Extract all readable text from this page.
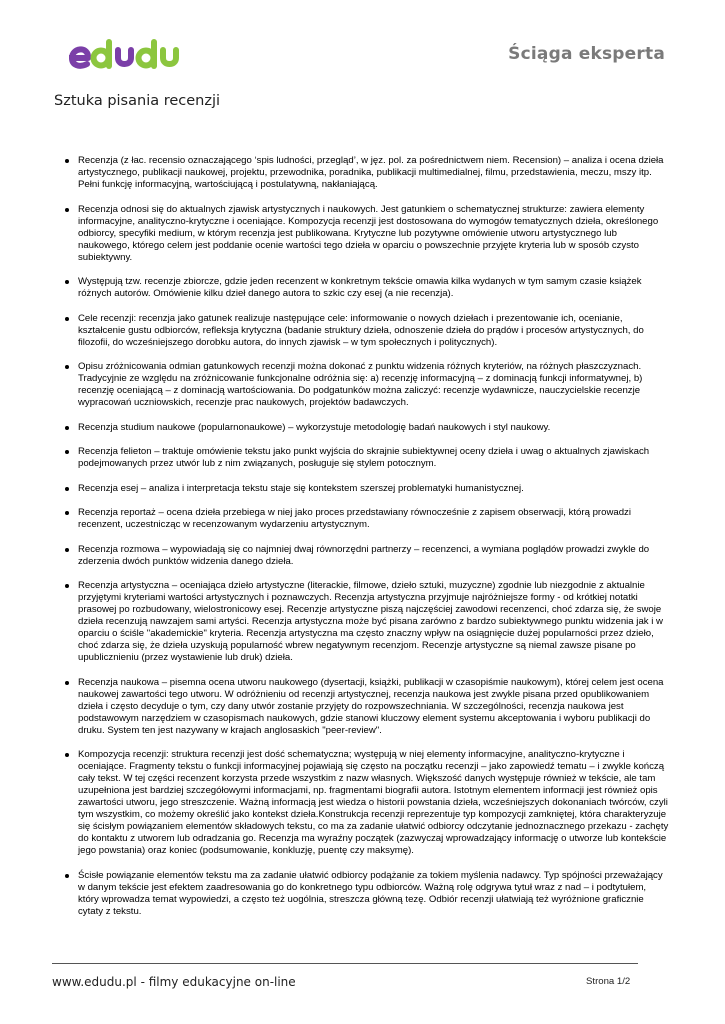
Ściąga eksperta
Sztuka pisania recenzji
Recenzja (z łac. recensio oznaczającego ‘spis ludności, przegląd’, w jęz. pol. za pośrednictwem niem. Recension) – analiza i ocena dzieła artystycznego, publikacji naukowej, projektu, przewodnika, poradnika, publikacji multimedialnej, filmu, przedstawienia, meczu, mszy itp. Pełni funkcję informacyjną, wartościującą i postulatywną, nakłaniającą.
Recenzja odnosi się do aktualnych zjawisk artystycznych i naukowych. Jest gatunkiem o schematycznej strukturze: zawiera elementy informacyjne, analityczno-krytyczne i oceniające. Kompozycja recenzji jest dostosowana do wymogów tematycznych dzieła, określonego odbiorcy, specyfiki medium, w którym recenzja jest publikowana. Krytyczne lub pozytywne omówienie utworu artystycznego lub naukowego, którego celem jest poddanie ocenie wartości tego dzieła w oparciu o powszechnie przyjęte kryteria lub w sposób czysto subiektywny.
Występują tzw. recenzje zbiorcze, gdzie jeden recenzent w konkretnym tekście omawia kilka wydanych w tym samym czasie książek różnych autorów. Omówienie kilku dzieł danego autora to szkic czy esej (a nie recenzja).
Cele recenzji: recenzja jako gatunek realizuje następujące cele: informowanie o nowych dziełach i prezentowanie ich, ocenianie, kształcenie gustu odbiorców, refleksja krytyczna (badanie struktury dzieła, odnoszenie dzieła do prądów i procesów artystycznych, do filozofii, do wcześniejszego dorobku autora, do innych zjawisk – w tym społecznych i politycznych).
Opisu zróżnicowania odmian gatunkowych recenzji można dokonać z punktu widzenia różnych kryteriów, na różnych płaszczyznach. Tradycyjnie ze względu na zróżnicowanie funkcjonalne odróżnia się: a) recenzję informacyjną – z dominacją funkcji informatywnej, b) recenzję oceniającą – z dominacją wartościowania. Do podgatunków można zaliczyć: recenzje wydawnicze, nauczycielskie recenzje wypracowań uczniowskich, recenzje prac naukowych, projektów badawczych.
Recenzja studium naukowe (popularnonaukowe) – wykorzystuje metodologię badań naukowych i styl naukowy.
Recenzja felieton – traktuje omówienie tekstu jako punkt wyjścia do skrajnie subiektywnej oceny dzieła i uwag o aktualnych zjawiskach podejmowanych przez utwór lub z nim związanych, posługuje się stylem potocznym.
Recenzja esej – analiza i interpretacja tekstu staje się kontekstem szerszej problematyki humanistycznej.
Recenzja reportaż – ocena dzieła przebiega w niej jako proces przedstawiany równocześnie z zapisem obserwacji, którą prowadzi recenzent, uczestnicząc w recenzowanym wydarzeniu artystycznym.
Recenzja rozmowa – wypowiadają się co najmniej dwaj równorzędni partnerzy – recenzenci, a wymiana poglądów prowadzi zwykle do zderzenia dwóch punktów widzenia danego dzieła.
Recenzja artystyczna – oceniająca dzieło artystyczne (literackie, filmowe, dzieło sztuki, muzyczne) zgodnie lub niezgodnie z aktualnie przyjętymi kryteriami wartości artystycznych i poznawczych. Recenzja artystyczna przyjmuje najróżniejsze formy - od krótkiej notatki prasowej po rozbudowany, wielostronicowy esej. Recenzje artystyczne piszą najczęściej zawodowi recenzenci, choć zdarza się, że swoje dzieła recenzują nawzajem sami artyści. Recenzja artystyczna może być pisana zarówno z bardzo subiektywnego punktu widzenia jak i w oparciu o ściśle "akademickie" kryteria. Recenzja artystyczna ma często znaczny wpływ na osiągnięcie dużej popularności przez dzieło, choć zdarza się, że dzieła uzyskują popularność wbrew negatywnym recenzjom. Recenzje artystyczne są niemal zawsze pisane po upublicznieniu (przez wystawienie lub druk) dzieła.
Recenzja naukowa – pisemna ocena utworu naukowego (dysertacji, książki, publikacji w czasopiśmie naukowym), której celem jest ocena naukowej zawartości tego utworu. W odróżnieniu od recenzji artystycznej, recenzja naukowa jest zwykle pisana przed opublikowaniem dzieła i często decyduje o tym, czy dany utwór zostanie przyjęty do rozpowszechniania. W szczególności, recenzja naukowa jest podstawowym narzędziem w czasopismach naukowych, gdzie stanowi kluczowy element systemu akceptowania i wyboru publikacji do druku. System ten jest nazywany w krajach anglosaskich "peer-review".
Kompozycja recenzji: struktura recenzji jest dość schematyczna; występują w niej elementy informacyjne, analityczno-krytyczne i oceniające. Fragmenty tekstu o funkcji informacyjnej pojawiają się często na początku recenzji – jako zapowiedź tematu – i zwykle kończą cały tekst. W tej części recenzent korzysta przede wszystkim z nazw własnych. Większość danych występuje również w tekście, ale tam uzupełniona jest bardziej szczegółowymi informacjami, np. fragmentami biografii autora. Istotnym elementem informacji jest również opis zawartości utworu, jego streszczenie. Ważną informacją jest wiedza o historii powstania dzieła, wcześniejszych dokonaniach twórców, czyli tym wszystkim, co możemy określić jako kontekst dzieła.Konstrukcja recenzji reprezentuje typ kompozycji zamkniętej, która charakteryzuje się ścisłym powiązaniem elementów składowych tekstu, co ma za zadanie ułatwić odbiorcy odczytanie jednoznacznego przekazu - zachęty do kontaktu z utworem lub odradzania go. Recenzja ma wyraźny początek (zazwyczaj wprowadzający informację o utworze lub kontekście jego powstania) oraz koniec (podsumowanie, konkluzję, puentę czy maksymę).
Ścisłe powiązanie elementów tekstu ma za zadanie ułatwić odbiorcy podążanie za tokiem myślenia nadawcy. Typ spójności przeważający w danym tekście jest efektem zaadresowania go do konkretnego typu odbiorców. Ważną rolę odgrywa tytuł wraz z nad – i podtytułem, który wprowadza temat wypowiedzi, a często też uogólnia, streszcza główną tezę. Odbiór recenzji ułatwiają też wyróżnione graficznie cytaty z tekstu.
www.edudu.pl - filmy edukacyjne on-line	Strona 1/2
